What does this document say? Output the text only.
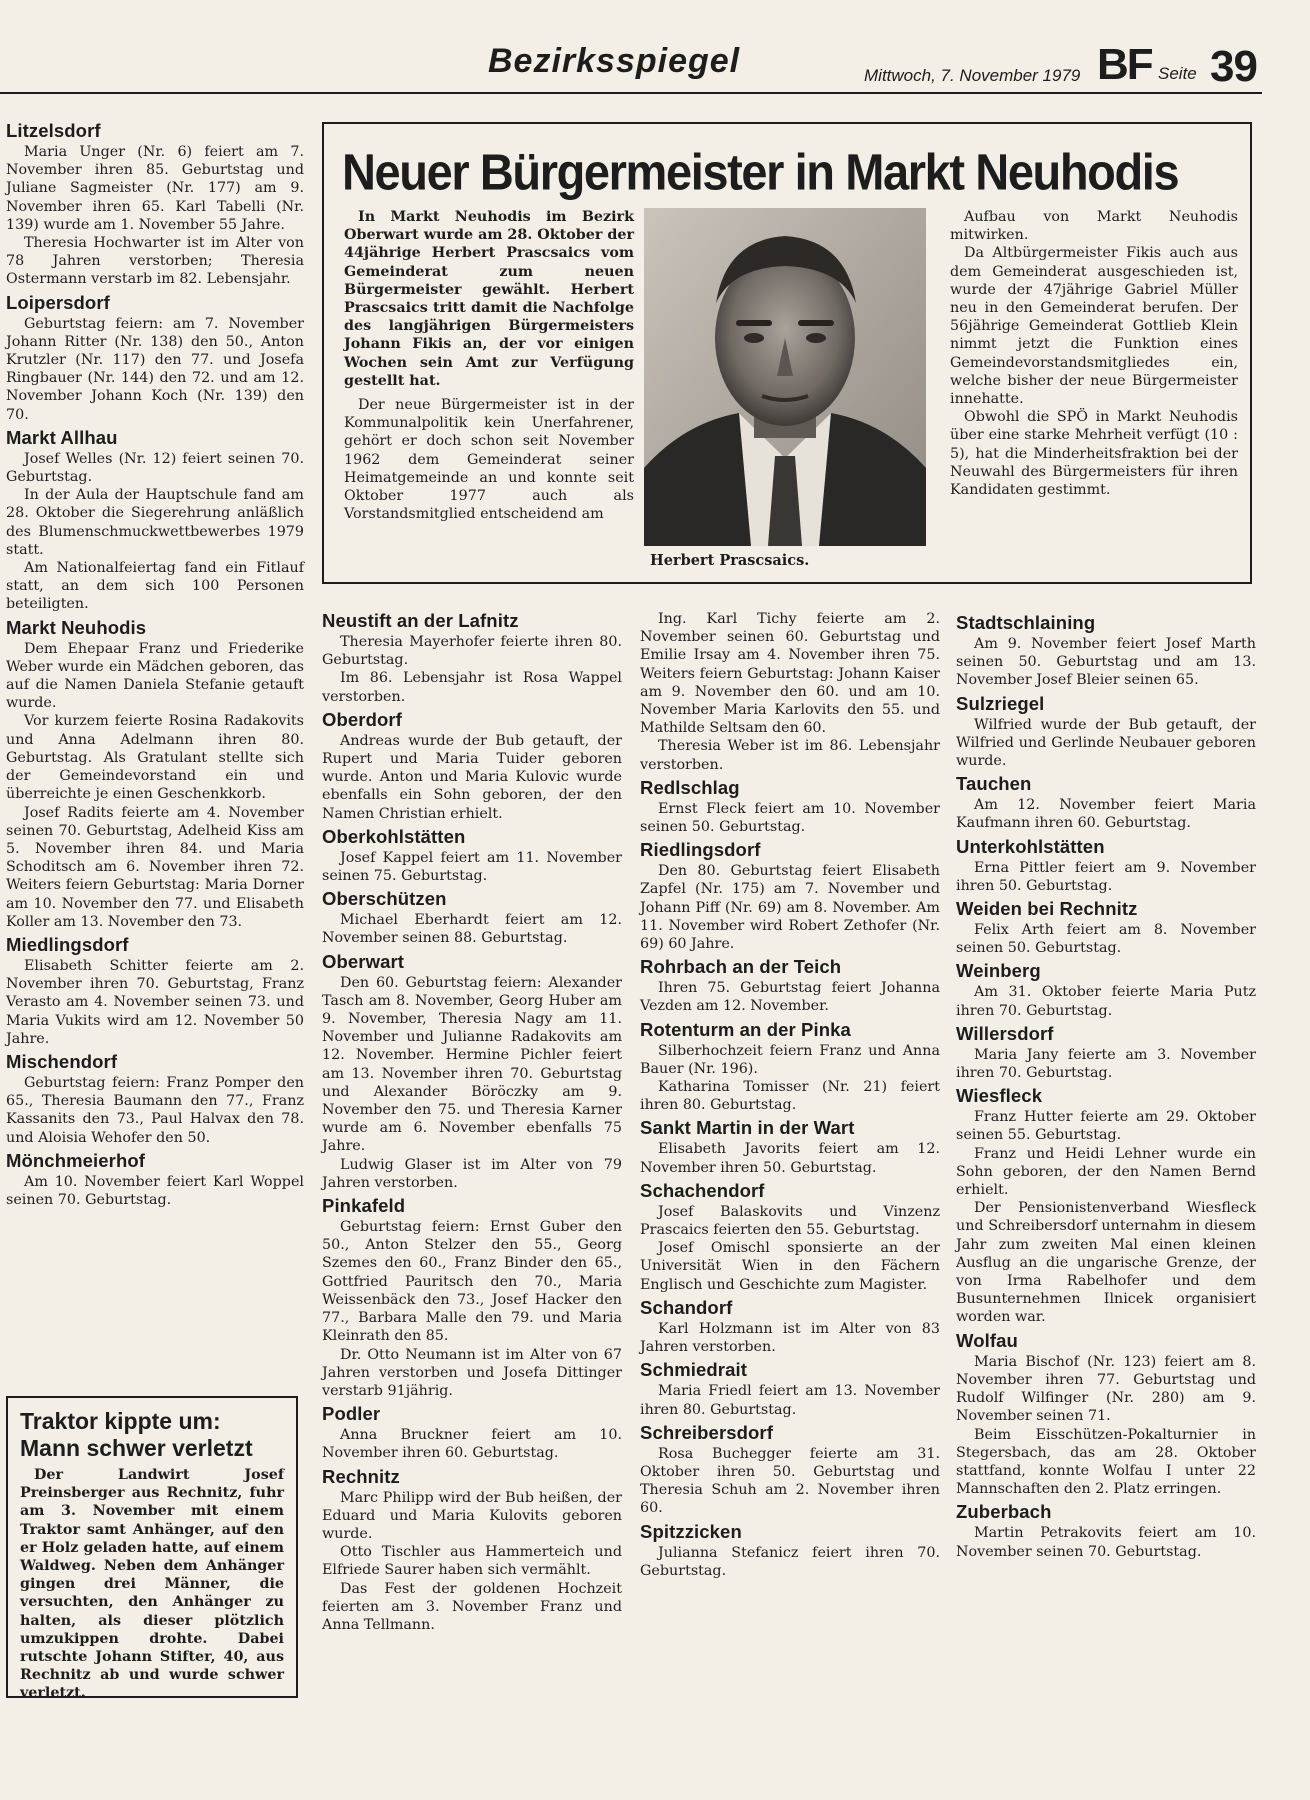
Bezirksspiegel	Mittwoch, 7. November 1979 BF Seite 39
Litzelsdorf

Maria Unger (Nr. 6) feiert am 7. November ihren 85. Geburtstag und Juliane Sagmeister (Nr. 177) am 9. November ihren 65. Karl Tabelli (Nr. 139) wurde am 1. November 55 Jahre.

Theresia Hochwarter ist im Alter von 78 Jahren verstorben; Theresia Ostermann verstarb im 82. Lebensjahr.

Loipersdorf

Geburtstag feiern: am 7. November Johann Ritter (Nr. 138) den 50., Anton Krutzler (Nr. 117) den 77. und Josefa Ringbauer (Nr. 144) den 72. und am 12. November Johann Koch (Nr. 139) den 70.

Markt Allhau

Josef Welles (Nr. 12) feiert seinen 70. Geburtstag.

In der Aula der Hauptschule fand am 28. Oktober die Siegerehrung anläßlich des Blumenschmuckwettbewerbes 1979 statt.

Am Nationalfeiertag fand ein Fitlauf statt, an dem sich 100 Personen beteiligten.

Markt Neuhodis

Dem Ehepaar Franz und Friederike Weber wurde ein Mädchen geboren, das auf die Namen Daniela Stefanie getauft wurde.

Vor kurzem feierte Rosina Radakovits und Anna Adelmann ihren 80. Geburtstag. Als Gratulant stellte sich der Gemeindevorstand ein und überreichte je einen Geschenkkorb.

Josef Radits feierte am 4. November seinen 70. Geburtstag, Adelheid Kiss am 5. November ihren 84. und Maria Schoditsch am 6. November ihren 72. Weiters feiern Geburtstag: Maria Dorner am 10. November den 77. und Elisabeth Koller am 13. November den 73.

Miedlingsdorf

Elisabeth Schitter feierte am 2. November ihren 70. Geburtstag, Franz Verasto am 4. November seinen 73. und Maria Vukits wird am 12. November 50 Jahre.

Mischendorf

Geburtstag feiern: Franz Pomper den 65., Theresia Baumann den 77., Franz Kassanits den 73., Paul Halvax den 78. und Aloisia Wehofer den 50.

Mönchmeierhof

Am 10. November feiert Karl Woppel seinen 70. Geburtstag.

Traktor kippte um: Mann schwer verletzt

Der Landwirt Josef Preinsberger aus Rechnitz, fuhr am 3. November mit einem Traktor samt Anhänger, auf den er Holz geladen hatte, auf einem Waldweg. Neben dem Anhänger gingen drei Männer, die versuchten, den Anhänger zu halten, als dieser plötzlich umzukippen drohte. Dabei rutschte Johann Stifter, 40, aus Rechnitz ab und wurde schwer verletzt.

Neuer Bürgermeister in Markt Neuhodis

In Markt Neuhodis im Bezirk Oberwart wurde am 28. Oktober der 44jährige Herbert Prascsaics vom Gemeinderat zum neuen Bürgermeister gewählt. Herbert Prascsaics tritt damit die Nachfolge des langjährigen Bürgermeisters Johann Fikis an, der vor einigen Wochen sein Amt zur Verfügung gestellt hat.

Der neue Bürgermeister ist in der Kommunalpolitik kein Unerfahrener, gehört er doch schon seit November 1962 dem Gemeinderat seiner Heimatgemeinde an und konnte seit Oktober 1977 auch als Vorstandsmitglied entscheidend am

Herbert Prascsaics.

Aufbau von Markt Neuhodis mitwirken.

Da Altbürgermeister Fikis auch aus dem Gemeinderat ausgeschieden ist, wurde der 47jährige Gabriel Müller neu in den Gemeinderat berufen. Der 56jährige Gemeinderat Gottlieb Klein nimmt jetzt die Funktion eines Gemeindevorstandsmitgliedes ein, welche bisher der neue Bürgermeister innehatte.

Obwohl die SPÖ in Markt Neuhodis über eine starke Mehrheit verfügt (10 : 5), hat die Minderheitsfraktion bei der Neuwahl des Bürgermeisters für ihren Kandidaten gestimmt.

Neustift an der Lafnitz

Theresia Mayerhofer feierte ihren 80. Geburtstag.

Im 86. Lebensjahr ist Rosa Wappel verstorben.

Oberdorf

Andreas wurde der Bub getauft, der Rupert und Maria Tuider geboren wurde. Anton und Maria Kulovic wurde ebenfalls ein Sohn geboren, der den Namen Christian erhielt.

Oberkohlstätten

Josef Kappel feiert am 11. November seinen 75. Geburtstag.

Oberschützen

Michael Eberhardt feiert am 12. November seinen 88. Geburtstag.

Oberwart

Den 60. Geburtstag feiern: Alexander Tasch am 8. November, Georg Huber am 9. November, Theresia Nagy am 11. November und Julianne Radakovits am 12. November. Hermine Pichler feiert am 13. November ihren 70. Geburtstag und Alexander Böröczky am 9. November den 75. und Theresia Karner wurde am 6. November ebenfalls 75 Jahre.

Ludwig Glaser ist im Alter von 79 Jahren verstorben.

Pinkafeld

Geburtstag feiern: Ernst Guber den 50., Anton Stelzer den 55., Georg Szemes den 60., Franz Binder den 65., Gottfried Pauritsch den 70., Maria Weissenbäck den 73., Josef Hacker den 77., Barbara Malle den 79. und Maria Kleinrath den 85.

Dr. Otto Neumann ist im Alter von 67 Jahren verstorben und Josefa Dittinger verstarb 91jährig.

Podler

Anna Bruckner feiert am 10. November ihren 60. Geburtstag.

Rechnitz

Marc Philipp wird der Bub heißen, der Eduard und Maria Kulovits geboren wurde.

Otto Tischler aus Hammerteich und Elfriede Saurer haben sich vermählt.

Das Fest der goldenen Hochzeit feierten am 3. November Franz und Anna Tellmann.

Ing. Karl Tichy feierte am 2. November seinen 60. Geburtstag und Emilie Irsay am 4. November ihren 75. Weiters feiern Geburtstag: Johann Kaiser am 9. November den 60. und am 10. November Maria Karlovits den 55. und Mathilde Seltsam den 60.

Theresia Weber ist im 86. Lebensjahr verstorben.

Redlschlag

Ernst Fleck feiert am 10. November seinen 50. Geburtstag.

Riedlingsdorf

Den 80. Geburtstag feiert Elisabeth Zapfel (Nr. 175) am 7. November und Johann Piff (Nr. 69) am 8. November. Am 11. November wird Robert Zethofer (Nr. 69) 60 Jahre.

Rohrbach an der Teich

Ihren 75. Geburtstag feiert Johanna Vezden am 12. November.

Rotenturm an der Pinka

Silberhochzeit feiern Franz und Anna Bauer (Nr. 196).

Katharina Tomisser (Nr. 21) feiert ihren 80. Geburtstag.

Sankt Martin in der Wart

Elisabeth Javorits feiert am 12. November ihren 50. Geburtstag.

Schachendorf

Josef Balaskovits und Vinzenz Prascaics feierten den 55. Geburtstag.

Josef Omischl sponsierte an der Universität Wien in den Fächern Englisch und Geschichte zum Magister.

Schandorf

Karl Holzmann ist im Alter von 83 Jahren verstorben.

Schmiedrait

Maria Friedl feiert am 13. November ihren 80. Geburtstag.

Schreibersdorf

Rosa Buchegger feierte am 31. Oktober ihren 50. Geburtstag und Theresia Schuh am 2. November ihren 60.

Spitzzicken

Julianna Stefanicz feiert ihren 70. Geburtstag.

Stadtschlaining

Am 9. November feiert Josef Marth seinen 50. Geburtstag und am 13. November Josef Bleier seinen 65.

Sulzriegel

Wilfried wurde der Bub getauft, der Wilfried und Gerlinde Neubauer geboren wurde.

Tauchen

Am 12. November feiert Maria Kaufmann ihren 60. Geburtstag.

Unterkohlstätten

Erna Pittler feiert am 9. November ihren 50. Geburtstag.

Weiden bei Rechnitz

Felix Arth feiert am 8. November seinen 50. Geburtstag.

Weinberg

Am 31. Oktober feierte Maria Putz ihren 70. Geburtstag.

Willersdorf

Maria Jany feierte am 3. November ihren 70. Geburtstag.

Wiesfleck

Franz Hutter feierte am 29. Oktober seinen 55. Geburtstag.

Franz und Heidi Lehner wurde ein Sohn geboren, der den Namen Bernd erhielt.

Der Pensionistenverband Wiesfleck und Schreibersdorf unternahm in diesem Jahr zum zweiten Mal einen kleinen Ausflug an die ungarische Grenze, der von Irma Rabelhofer und dem Busunternehmen Ilnicek organisiert worden war.

Wolfau

Maria Bischof (Nr. 123) feiert am 8. November ihren 77. Geburtstag und Rudolf Wilfinger (Nr. 280) am 9. November seinen 71.

Beim Eisschützen-Pokalturnier in Stegersbach, das am 28. Oktober stattfand, konnte Wolfau I unter 22 Mannschaften den 2. Platz erringen.

Zuberbach

Martin Petrakovits feiert am 10. November seinen 70. Geburtstag.
